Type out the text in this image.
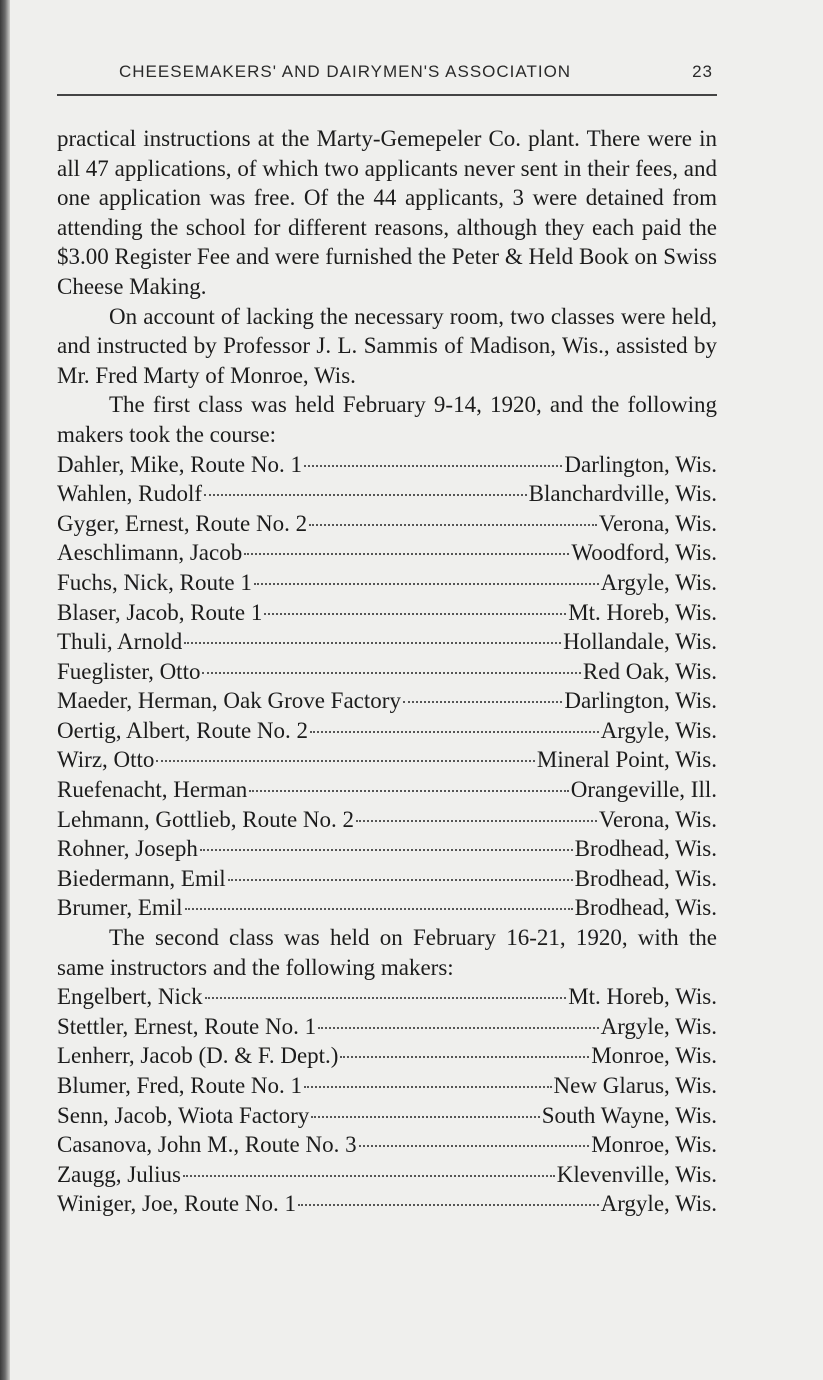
CHEESEMAKERS' AND DAIRYMEN'S ASSOCIATION	23

practical instructions at the Marty-Gemepeler Co. plant. There were in all 47 applications, of which two applicants never sent in their fees, and one application was free. Of the 44 applicants, 3 were detained from attending the school for different reasons, although they each paid the $3.00 Register Fee and were furnished the Peter & Held Book on Swiss Cheese Making.

On account of lacking the necessary room, two classes were held, and instructed by Professor J. L. Sammis of Madison, Wis., assisted by Mr. Fred Marty of Monroe, Wis.

The first class was held February 9-14, 1920, and the following makers took the course:

Dahler, Mike, Route No. 1	Darlington, Wis.
Wahlen, Rudolf	Blanchardville, Wis.
Gyger, Ernest, Route No. 2	Verona, Wis.
Aeschlimann, Jacob	Woodford, Wis.
Fuchs, Nick, Route 1	Argyle, Wis.
Blaser, Jacob, Route 1	Mt. Horeb, Wis.
Thuli, Arnold	Hollandale, Wis.
Fueglister, Otto	Red Oak, Wis.
Maeder, Herman, Oak Grove Factory	Darlington, Wis.
Oertig, Albert, Route No. 2	Argyle, Wis.
Wirz, Otto	Mineral Point, Wis.
Ruefenacht, Herman	Orangeville, Ill.
Lehmann, Gottlieb, Route No. 2	Verona, Wis.
Rohner, Joseph	Brodhead, Wis.
Biedermann, Emil	Brodhead, Wis.
Brumer, Emil	Brodhead, Wis.

The second class was held on February 16-21, 1920, with the same instructors and the following makers:

Engelbert, Nick	Mt. Horeb, Wis.
Stettler, Ernest, Route No. 1	Argyle, Wis.
Lenherr, Jacob (D. & F. Dept.)	Monroe, Wis.
Blumer, Fred, Route No. 1	New Glarus, Wis.
Senn, Jacob, Wiota Factory	South Wayne, Wis.
Casanova, John M., Route No. 3	Monroe, Wis.
Zaugg, Julius	Klevenville, Wis.
Winiger, Joe, Route No. 1	Argyle, Wis.
